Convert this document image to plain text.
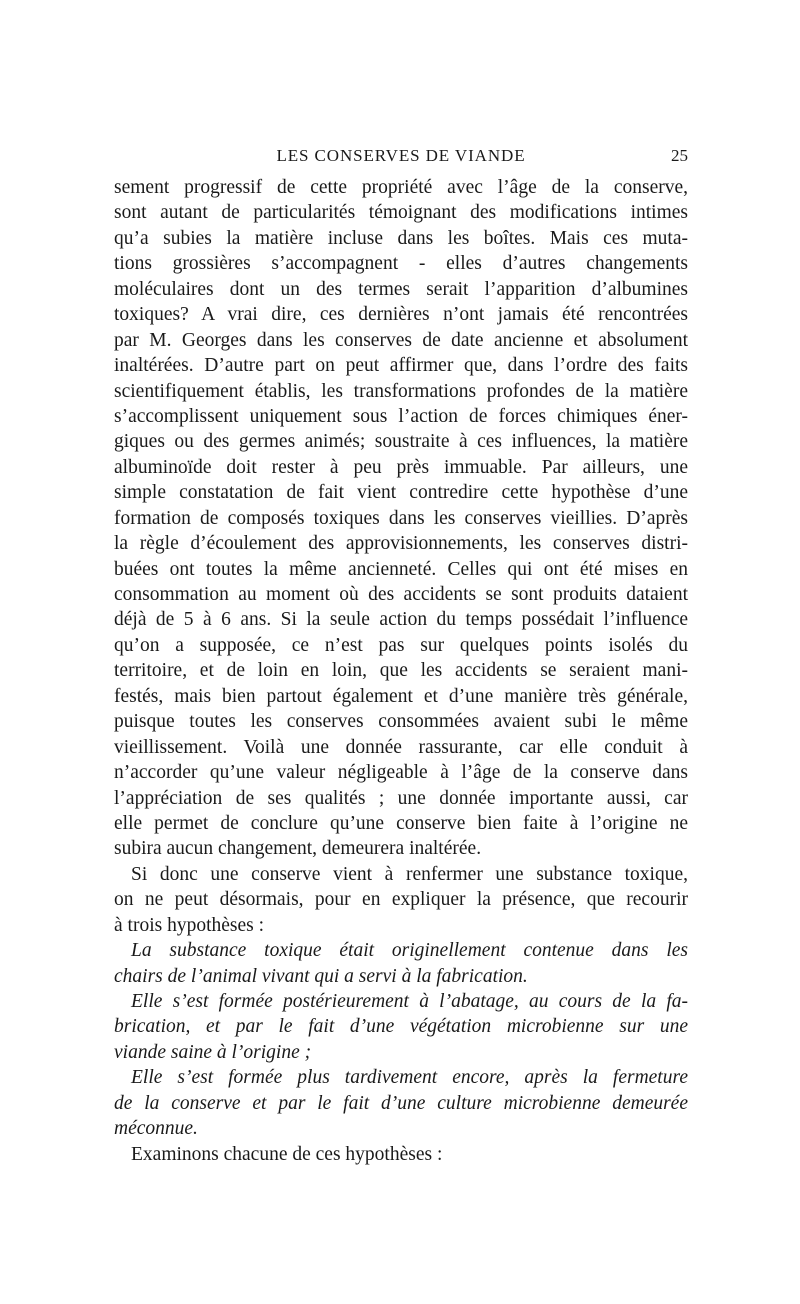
LES CONSERVES DE VIANDE	25
sement progressif de cette propriété avec l’âge de la conserve,
sont autant de particularités témoignant des modifications intimes
qu’a subies la matière incluse dans les boîtes. Mais ces muta-
tions grossières s’accompagnent - elles d’autres changements
moléculaires dont un des termes serait l’apparition d’albumines
toxiques? A vrai dire, ces dernières n’ont jamais été rencontrées
par M. Georges dans les conserves de date ancienne et absolument
inaltérées. D’autre part on peut affirmer que, dans l’ordre des faits
scientifiquement établis, les transformations profondes de la matière
s’accomplissent uniquement sous l’action de forces chimiques éner-
giques ou des germes animés; soustraite à ces influences, la matière
albuminoïde doit rester à peu près immuable. Par ailleurs, une
simple constatation de fait vient contredire cette hypothèse d’une
formation de composés toxiques dans les conserves vieillies. D’après
la règle d’écoulement des approvisionnements, les conserves distri-
buées ont toutes la même ancienneté. Celles qui ont été mises en
consommation au moment où des accidents se sont produits dataient
déjà de 5 à 6 ans. Si la seule action du temps possédait l’influence
qu’on a supposée, ce n’est pas sur quelques points isolés du
territoire, et de loin en loin, que les accidents se seraient mani-
festés, mais bien partout également et d’une manière très générale,
puisque toutes les conserves consommées avaient subi le même
vieillissement. Voilà une donnée rassurante, car elle conduit à
n’accorder qu’une valeur négligeable à l’âge de la conserve dans
l’appréciation de ses qualités ; une donnée importante aussi, car
elle permet de conclure qu’une conserve bien faite à l’origine ne
subira aucun changement, demeurera inaltérée.
Si donc une conserve vient à renfermer une substance toxique,
on ne peut désormais, pour en expliquer la présence, que recourir
à trois hypothèses :
La substance toxique était originellement contenue dans les
chairs de l’animal vivant qui a servi à la fabrication.
Elle s’est formée postérieurement à l’abatage, au cours de la fa-
brication, et par le fait d’une végétation microbienne sur une
viande saine à l’origine ;
Elle s’est formée plus tardivement encore, après la fermeture
de la conserve et par le fait d’une culture microbienne demeurée
méconnue.
Examinons chacune de ces hypothèses :
